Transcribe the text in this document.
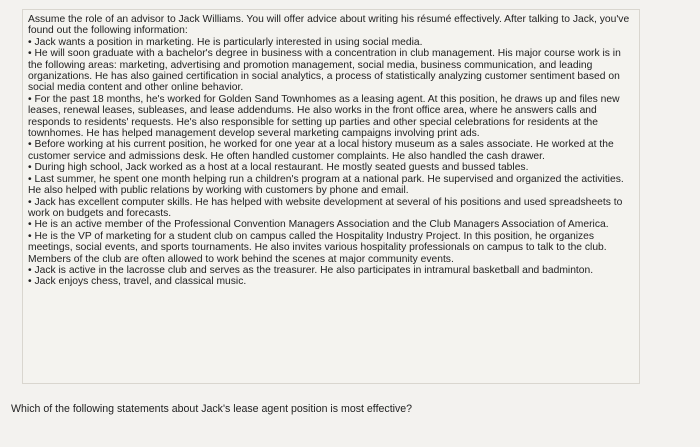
Assume the role of an advisor to Jack Williams. You will offer advice about writing his résumé effectively. After talking to Jack, you've found out the following information:

• Jack wants a position in marketing. He is particularly interested in using social media.

• He will soon graduate with a bachelor's degree in business with a concentration in club management. His major course work is in the following areas: marketing, advertising and promotion management, social media, business communication, and leading organizations. He has also gained certification in social analytics, a process of statistically analyzing customer sentiment based on social media content and other online behavior.

• For the past 18 months, he's worked for Golden Sand Townhomes as a leasing agent. At this position, he draws up and files new leases, renewal leases, subleases, and lease addendums. He also works in the front office area, where he answers calls and responds to residents' requests. He's also responsible for setting up parties and other special celebrations for residents at the townhomes. He has helped management develop several marketing campaigns involving print ads.

• Before working at his current position, he worked for one year at a local history museum as a sales associate. He worked at the customer service and admissions desk. He often handled customer complaints. He also handled the cash drawer.

• During high school, Jack worked as a host at a local restaurant. He mostly seated guests and bussed tables.

• Last summer, he spent one month helping run a children's program at a national park. He supervised and organized the activities. He also helped with public relations by working with customers by phone and email.

• Jack has excellent computer skills. He has helped with website development at several of his positions and used spreadsheets to work on budgets and forecasts.

• He is an active member of the Professional Convention Managers Association and the Club Managers Association of America.

• He is the VP of marketing for a student club on campus called the Hospitality Industry Project. In this position, he organizes meetings, social events, and sports tournaments. He also invites various hospitality professionals on campus to talk to the club. Members of the club are often allowed to work behind the scenes at major community events.

• Jack is active in the lacrosse club and serves as the treasurer. He also participates in intramural basketball and badminton.

• Jack enjoys chess, travel, and classical music.

Which of the following statements about Jack's lease agent position is most effective?
